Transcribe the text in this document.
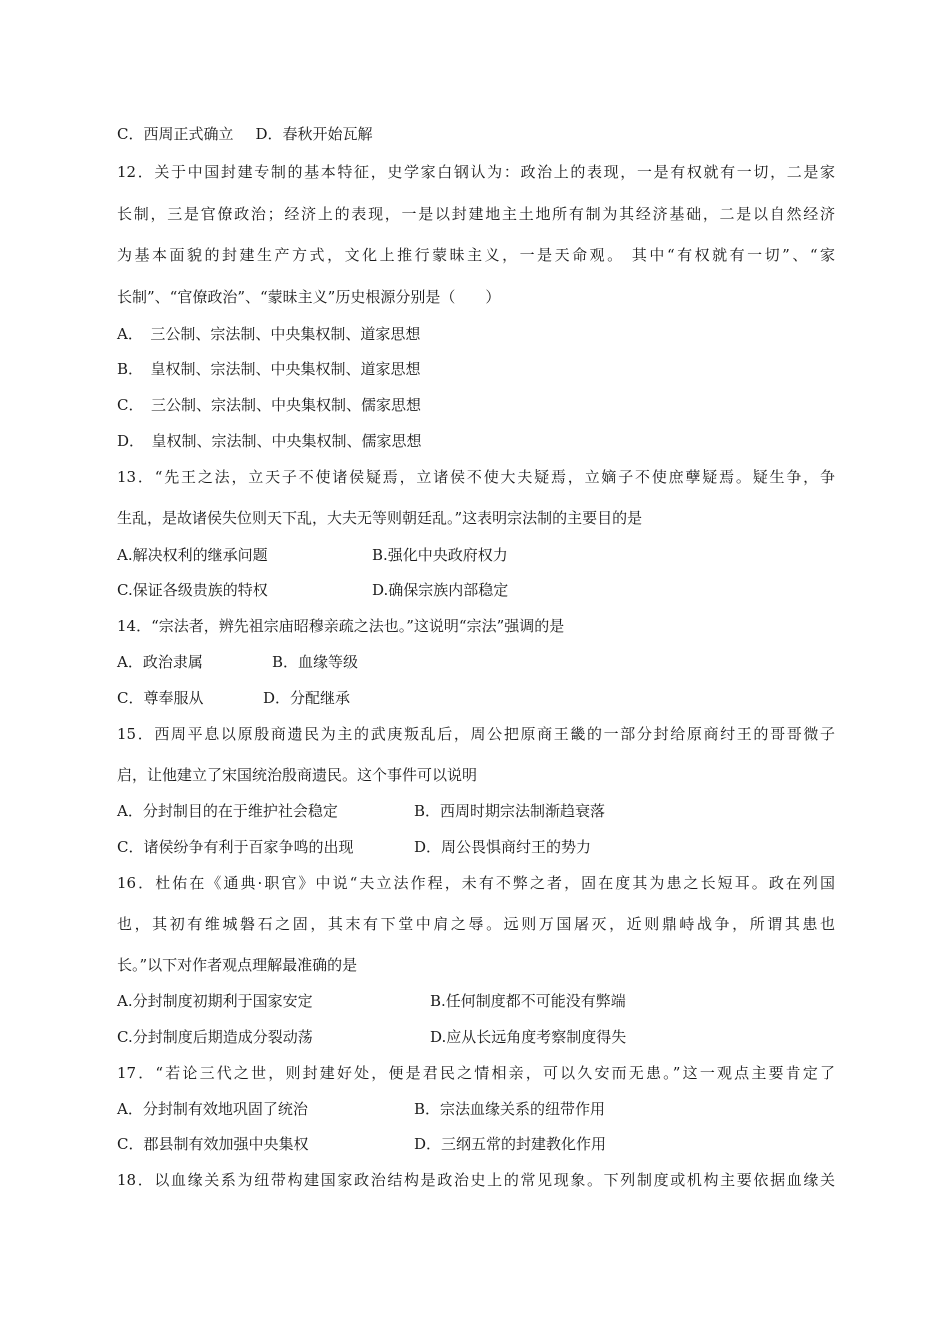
C．西周正式确立 D．春秋开始瓦解
12．关于中国封建专制的基本特征，史学家白钢认为：政治上的表现，一是有权就有一切，二是家
长制，三是官僚政治；经济上的表现，一是以封建地主土地所有制为其经济基础，二是以自然经济
为基本面貌的封建生产方式，文化上推行蒙昧主义，一是天命观。 其中“有权就有一切”、“家
长制”、“官僚政治”、“蒙昧主义”历史根源分别是（　　）
A．　三公制、宗法制、中央集权制、道家思想
B．　皇权制、宗法制、中央集权制、道家思想
C．　三公制、宗法制、中央集权制、儒家思想
D．　皇权制、宗法制、中央集权制、儒家思想
13．“先王之法，立天子不使诸侯疑焉，立诸侯不使大夫疑焉，立嫡子不使庶孽疑焉。疑生争，争
生乱，是故诸侯失位则天下乱，大夫无等则朝廷乱。”这表明宗法制的主要目的是
A.解决权利的继承问题	B.强化中央政府权力
C.保证各级贵族的特权	D.确保宗族内部稳定
14．“宗法者，辨先祖宗庙昭穆亲疏之法也。”这说明“宗法”强调的是
A．政治隶属	B．血缘等级
C．尊奉服从	D．分配继承
15．西周平息以原殷商遗民为主的武庚叛乱后，周公把原商王畿的一部分封给原商纣王的哥哥微子
启，让他建立了宋国统治殷商遗民。这个事件可以说明
A．分封制目的在于维护社会稳定	B．西周时期宗法制渐趋衰落
C．诸侯纷争有利于百家争鸣的出现	D．周公畏惧商纣王的势力
16．杜佑在《通典·职官》中说“夫立法作程，未有不弊之者，固在度其为患之长短耳。政在列国
也，其初有维城磐石之固，其末有下堂中肩之辱。远则万国屠灭，近则鼎峙战争，所谓其患也
长。”以下对作者观点理解最准确的是
A.分封制度初期利于国家安定	B.任何制度都不可能没有弊端
C.分封制度后期造成分裂动荡	D.应从长远角度考察制度得失
17．“若论三代之世，则封建好处，便是君民之情相亲，可以久安而无患。”这一观点主要肯定了
A．分封制有效地巩固了统治	B．宗法血缘关系的纽带作用
C．郡县制有效加强中央集权	D．三纲五常的封建教化作用
18．以血缘关系为纽带构建国家政治结构是政治史上的常见现象。下列制度或机构主要依据血缘关
